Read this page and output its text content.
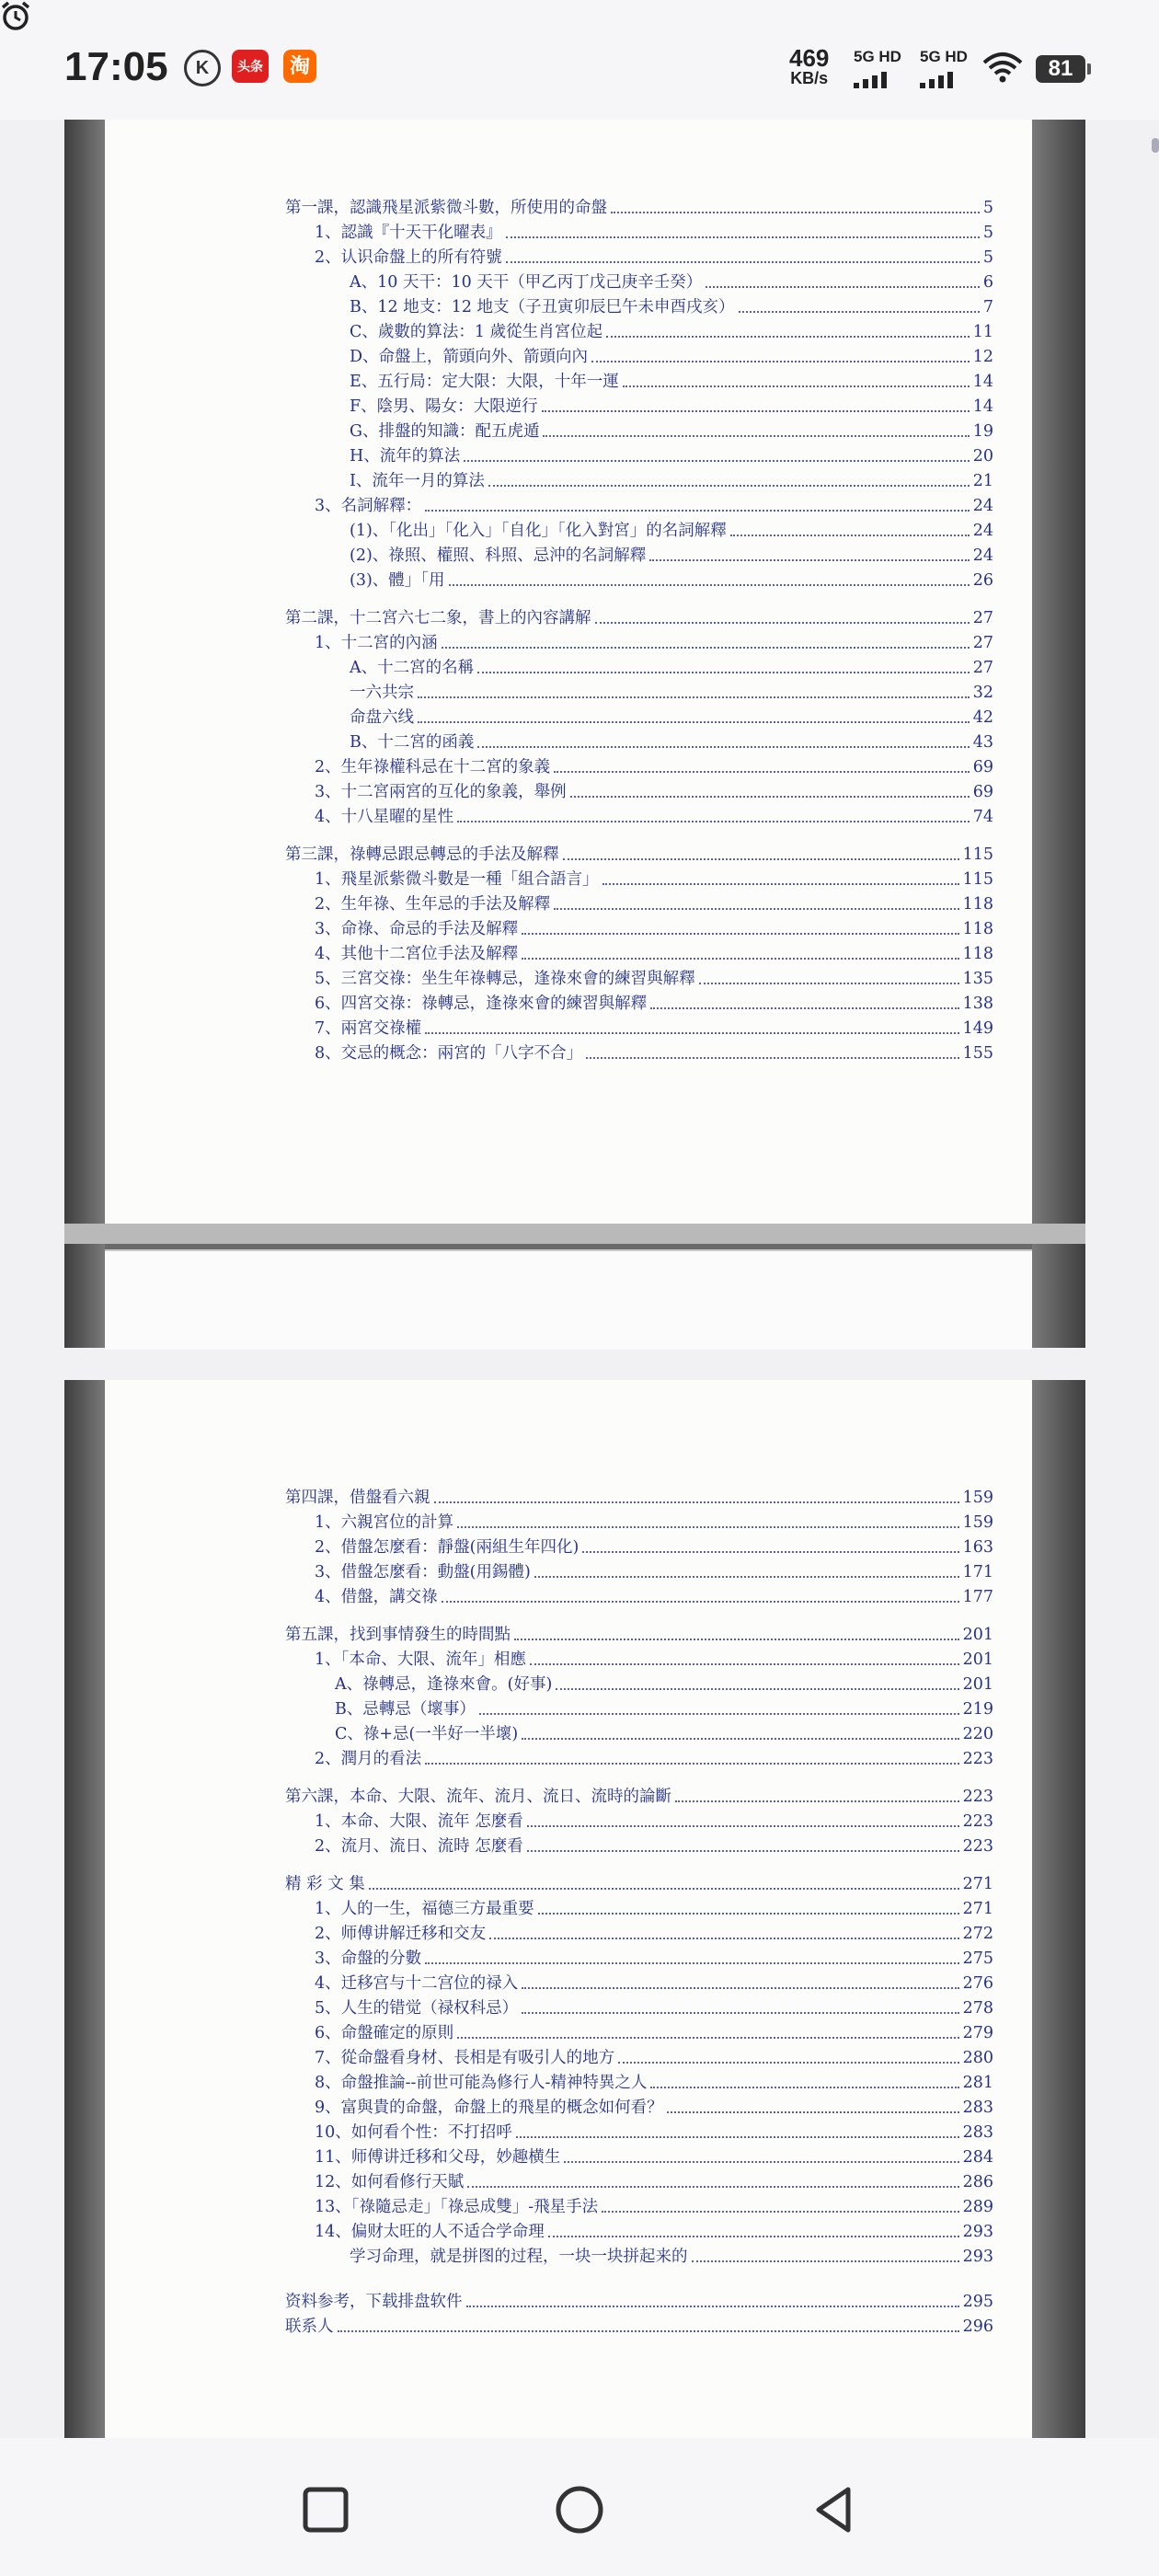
17:05	K	头条	淘	469
KB/s
5G HD 5G HD	81
第一課，認識飛星派紫微斗數，所使用的命盤	5
1、認識『十天干化曜表』	5
2、认识命盤上的所有符號	5
A、10 天干：10 天干（甲乙丙丁戊己庚辛壬癸）	6
B、12 地支：12 地支（子丑寅卯辰巳午未申酉戌亥）	7
C、歲數的算法：1 歲從生肖宮位起	11
D、命盤上，箭頭向外、箭頭向內	12
E、五行局：定大限：大限，十年一運	14
F、陰男、陽女：大限逆行	14
G、排盤的知識：配五虎遁	19
H、流年的算法	20
I、流年一月的算法	21
3、名詞解釋：	24
(1)、「化出」「化入」「自化」「化入對宮」的名詞解釋	24
(2)、祿照、權照、科照、忌沖的名詞解釋	24
(3)、體」「用	26
第二課，十二宮六七二象，書上的內容講解	27
1、十二宮的內涵	27
A、十二宮的名稱	27
一六共宗	32
命盘六线	42
B、十二宮的函義	43
2、生年祿權科忌在十二宮的象義	69
3、十二宮兩宮的互化的象義，舉例	69
4、十八星曜的星性	74
第三課，祿轉忌跟忌轉忌的手法及解釋	115
1、飛星派紫微斗數是一種「組合語言」	115
2、生年祿、生年忌的手法及解釋	118
3、命祿、命忌的手法及解釋	118
4、其他十二宮位手法及解釋	118
5、三宮交祿：坐生年祿轉忌，逢祿來會的練習與解釋	135
6、四宮交祿：祿轉忌，逢祿來會的練習與解釋	138
7、兩宮交祿權	149
8、交忌的概念：兩宮的「八字不合」	155
第四課，借盤看六親	159
1、六親宮位的計算	159
2、借盤怎麼看：靜盤(兩組生年四化)	163
3、借盤怎麼看：動盤(用錫體)	171
4、借盤，講交祿	177
第五課，找到事情發生的時間點	201
1、「本命、大限、流年」相應	201
A、祿轉忌，逢祿來會。(好事)	201
B、忌轉忌（壞事）	219
C、祿+忌(一半好一半壞)	220
2、潤月的看法	223
第六課，本命、大限、流年、流月、流日、流時的論斷	223
1、本命、大限、流年 怎麼看	223
2、流月、流日、流時 怎麼看	223
精 彩 文 集	271
1、人的一生，福德三方最重要	271
2、师傅讲解迁移和交友	272
3、命盤的分數	275
4、迁移宫与十二宫位的禄入	276
5、人生的错觉（禄权科忌）	278
6、命盤確定的原則	279
7、從命盤看身材、長相是有吸引人的地方	280
8、命盤推論--前世可能為修行人-精神特異之人	281
9、富與貴的命盤，命盤上的飛星的概念如何看？	283
10、如何看个性：不打招呼	283
11、师傅讲迁移和父母，妙趣横生	284
12、如何看修行天賦	286
13、「祿隨忌走」「祿忌成雙」-飛星手法	289
14、偏财太旺的人不适合学命理	293
学习命理，就是拼图的过程，一块一块拼起来的	293
资料参考，下载排盘软件	295
联系人	296
